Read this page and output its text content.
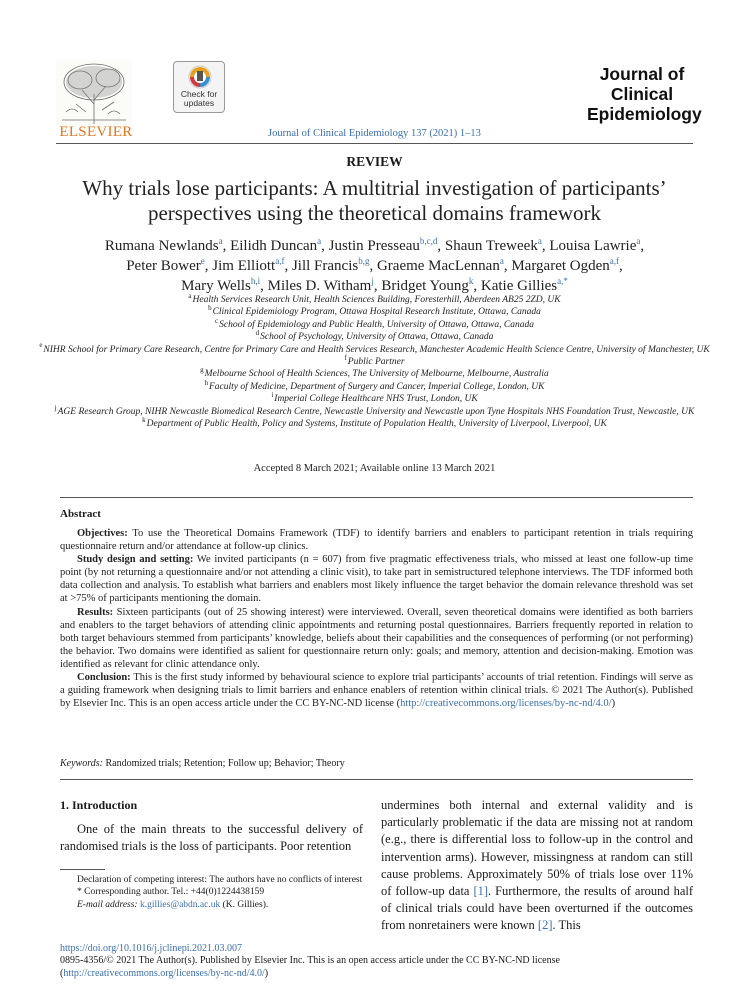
ELSEVIER
Check for updates
Journal of
Clinical
Epidemiology
Journal of Clinical Epidemiology 137 (2021) 1–13
REVIEW
Why trials lose participants: A multitrial investigation of participants’ perspectives using the theoretical domains framework
Rumana Newlands$^a$, Eilidh Duncan$^a$, Justin Presseau$^{b,c,d}$, Shaun Treweek$^a$, Louisa Lawrie$^a$,
Peter Bower$^e$, Jim Elliott$^{a,f}$, Jill Francis$^{b,g}$, Graeme MacLennan$^a$, Margaret Ogden$^{a,f}$,
Mary Wells$^{h,i}$, Miles D. Witham$^j$, Bridget Young$^k$, Katie Gillies$^{a,*}$
$^a$Health Services Research Unit, Health Sciences Building, Foresterhill, Aberdeen AB25 2ZD, UK
$^b$Clinical Epidemiology Program, Ottawa Hospital Research Institute, Ottawa, Canada
$^c$School of Epidemiology and Public Health, University of Ottawa, Ottawa, Canada
$^d$School of Psychology, University of Ottawa, Ottawa, Canada
$^e$NIHR School for Primary Care Research, Centre for Primary Care and Health Services Research, Manchester Academic Health Science Centre, University of Manchester, UK
$^f$Public Partner
$^g$Melbourne School of Health Sciences, The University of Melbourne, Melbourne, Australia
$^h$Faculty of Medicine, Department of Surgery and Cancer, Imperial College, London, UK
$^i$Imperial College Healthcare NHS Trust, London, UK
$^j$AGE Research Group, NIHR Newcastle Biomedical Research Centre, Newcastle University and Newcastle upon Tyne Hospitals NHS Foundation Trust, Newcastle, UK
$^k$Department of Public Health, Policy and Systems, Institute of Population Health, University of Liverpool, Liverpool, UK
Accepted 8 March 2021; Available online 13 March 2021
Abstract

Objectives: To use the Theoretical Domains Framework (TDF) to identify barriers and enablers to participant retention in trials requiring questionnaire return and/or attendance at follow-up clinics.

Study design and setting: We invited participants (n = 607) from five pragmatic effectiveness trials, who missed at least one follow-up time point (by not returning a questionnaire and/or not attending a clinic visit), to take part in semistructured telephone interviews. The TDF informed both data collection and analysis. To establish what barriers and enablers most likely influence the target behavior the domain relevance threshold was set at >75% of participants mentioning the domain.

Results: Sixteen participants (out of 25 showing interest) were interviewed. Overall, seven theoretical domains were identified as both barriers and enablers to the target behaviors of attending clinic appointments and returning postal questionnaires. Barriers frequently reported in relation to both target behaviours stemmed from participants’ knowledge, beliefs about their capabilities and the consequences of performing (or not performing) the behavior. Two domains were identified as salient for questionnaire return only: goals; and memory, attention and decision-making. Emotion was identified as relevant for clinic attendance only.

Conclusion: This is the first study informed by behavioural science to explore trial participants’ accounts of trial retention. Findings will serve as a guiding framework when designing trials to limit barriers and enhance enablers of retention within clinical trials. © 2021 The Author(s). Published by Elsevier Inc. This is an open access article under the CC BY-NC-ND license (http://creativecommons.org/licenses/by-nc-nd/4.0/)

Keywords: Randomized trials; Retention; Follow up; Behavior; Theory
1. Introduction

One of the main threats to the successful delivery of randomised trials is the loss of participants. Poor retention

undermines both internal and external validity and is particularly problematic if the data are missing not at random (e.g., there is differential loss to follow-up in the control and intervention arms). However, missingness at random can still cause problems. Approximately 50% of trials lose over 11% of follow-up data [1]. Furthermore, the results of around half of clinical trials could have been overturned if the outcomes from nonretainers were known [2]. This

Declaration of competing interest: The authors have no conflicts of interest

* Corresponding author. Tel.: +44(0)1224438159

E-mail address: k.gillies@abdn.ac.uk (K. Gillies).

https://doi.org/10.1016/j.jclinepi.2021.03.007
0895-4356/© 2021 The Author(s). Published by Elsevier Inc. This is an open access article under the CC BY-NC-ND license
(http://creativecommons.org/licenses/by-nc-nd/4.0/)
